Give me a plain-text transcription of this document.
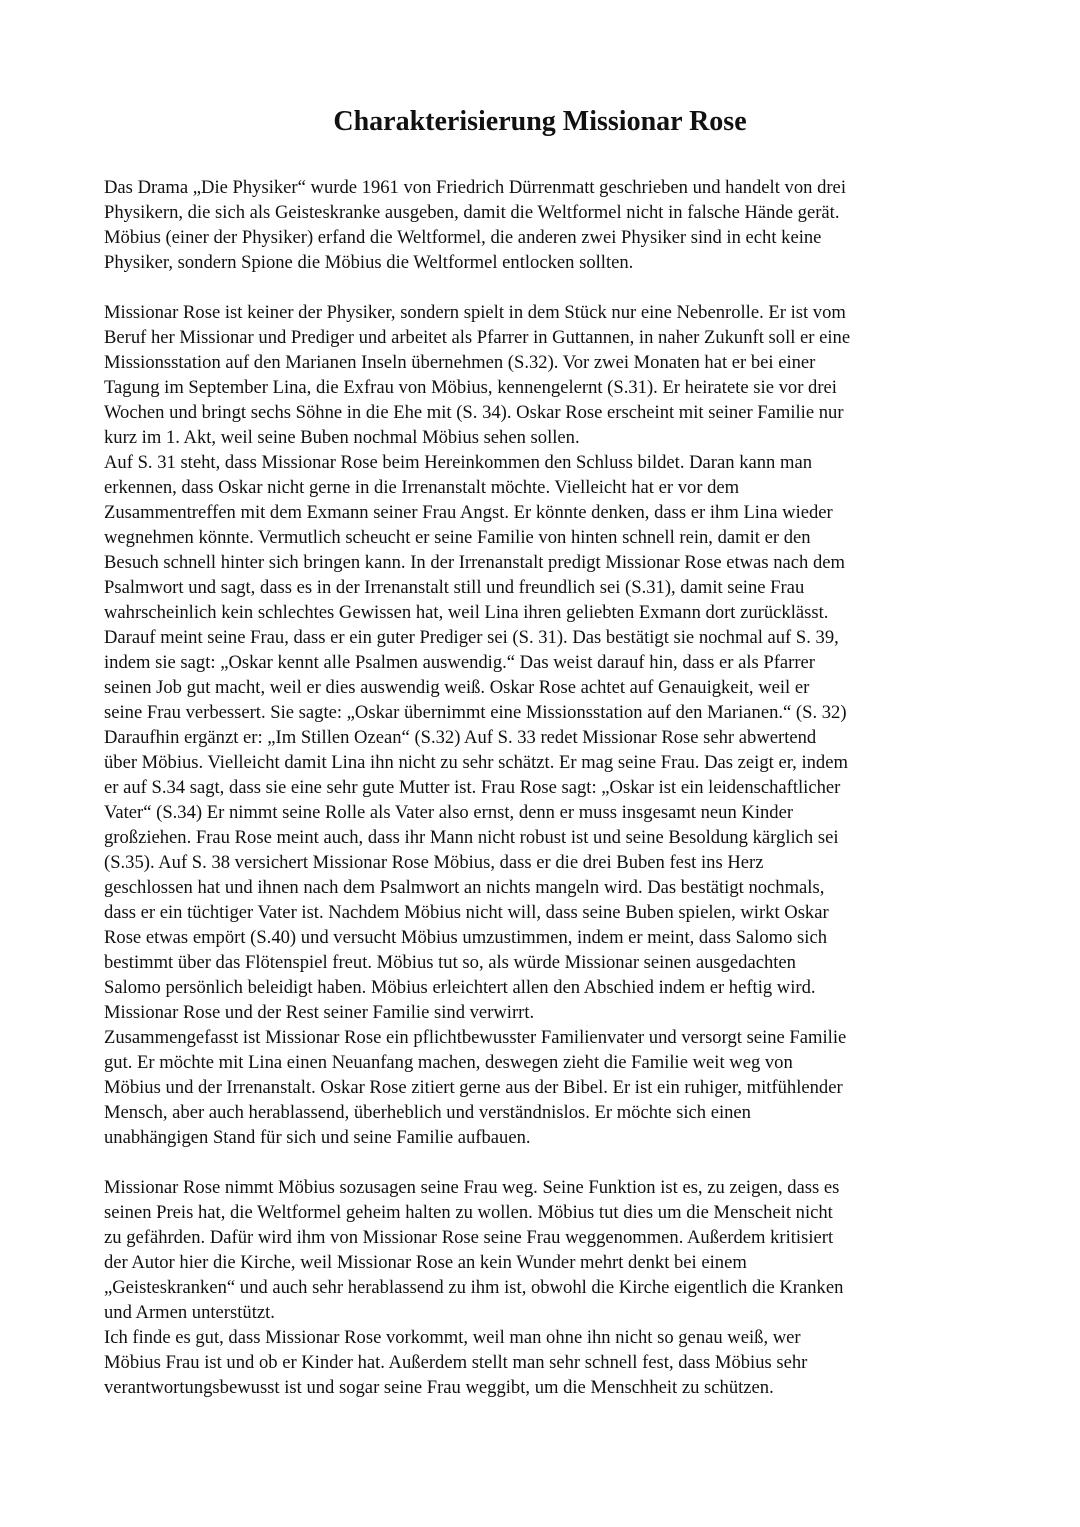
Charakterisierung Missionar Rose

Das Drama „Die Physiker“ wurde 1961 von Friedrich Dürrenmatt geschrieben und handelt von drei
Physikern, die sich als Geisteskranke ausgeben, damit die Weltformel nicht in falsche Hände gerät.
Möbius (einer der Physiker) erfand die Weltformel, die anderen zwei Physiker sind in echt keine
Physiker, sondern Spione die Möbius die Weltformel entlocken sollten.

Missionar Rose ist keiner der Physiker, sondern spielt in dem Stück nur eine Nebenrolle. Er ist vom
Beruf her Missionar und Prediger und arbeitet als Pfarrer in Guttannen, in naher Zukunft soll er eine
Missionsstation auf den Marianen Inseln übernehmen (S.32). Vor zwei Monaten hat er bei einer
Tagung im September Lina, die Exfrau von Möbius, kennengelernt (S.31). Er heiratete sie vor drei
Wochen und bringt sechs Söhne in die Ehe mit (S. 34). Oskar Rose erscheint mit seiner Familie nur
kurz im 1. Akt, weil seine Buben nochmal Möbius sehen sollen.

Auf S. 31 steht, dass Missionar Rose beim Hereinkommen den Schluss bildet. Daran kann man
erkennen, dass Oskar nicht gerne in die Irrenanstalt möchte. Vielleicht hat er vor dem
Zusammentreffen mit dem Exmann seiner Frau Angst. Er könnte denken, dass er ihm Lina wieder
wegnehmen könnte. Vermutlich scheucht er seine Familie von hinten schnell rein, damit er den
Besuch schnell hinter sich bringen kann. In der Irrenanstalt predigt Missionar Rose etwas nach dem
Psalmwort und sagt, dass es in der Irrenanstalt still und freundlich sei (S.31), damit seine Frau
wahrscheinlich kein schlechtes Gewissen hat, weil Lina ihren geliebten Exmann dort zurücklässt.
Darauf meint seine Frau, dass er ein guter Prediger sei (S. 31). Das bestätigt sie nochmal auf S. 39,
indem sie sagt: „Oskar kennt alle Psalmen auswendig.“ Das weist darauf hin, dass er als Pfarrer
seinen Job gut macht, weil er dies auswendig weiß. Oskar Rose achtet auf Genauigkeit, weil er
seine Frau verbessert. Sie sagte: „Oskar übernimmt eine Missionsstation auf den Marianen.“ (S. 32)
Daraufhin ergänzt er: „Im Stillen Ozean“ (S.32) Auf S. 33 redet Missionar Rose sehr abwertend
über Möbius. Vielleicht damit Lina ihn nicht zu sehr schätzt. Er mag seine Frau. Das zeigt er, indem
er auf S.34 sagt, dass sie eine sehr gute Mutter ist. Frau Rose sagt: „Oskar ist ein leidenschaftlicher
Vater“ (S.34) Er nimmt seine Rolle als Vater also ernst, denn er muss insgesamt neun Kinder
großziehen. Frau Rose meint auch, dass ihr Mann nicht robust ist und seine Besoldung kärglich sei
(S.35). Auf S. 38 versichert Missionar Rose Möbius, dass er die drei Buben fest ins Herz
geschlossen hat und ihnen nach dem Psalmwort an nichts mangeln wird. Das bestätigt nochmals,
dass er ein tüchtiger Vater ist. Nachdem Möbius nicht will, dass seine Buben spielen, wirkt Oskar
Rose etwas empört (S.40) und versucht Möbius umzustimmen, indem er meint, dass Salomo sich
bestimmt über das Flötenspiel freut. Möbius tut so, als würde Missionar seinen ausgedachten
Salomo persönlich beleidigt haben. Möbius erleichtert allen den Abschied indem er heftig wird.
Missionar Rose und der Rest seiner Familie sind verwirrt.

Zusammengefasst ist Missionar Rose ein pflichtbewusster Familienvater und versorgt seine Familie
gut. Er möchte mit Lina einen Neuanfang machen, deswegen zieht die Familie weit weg von
Möbius und der Irrenanstalt. Oskar Rose zitiert gerne aus der Bibel. Er ist ein ruhiger, mitfühlender
Mensch, aber auch herablassend, überheblich und verständnislos. Er möchte sich einen
unabhängigen Stand für sich und seine Familie aufbauen.

Missionar Rose nimmt Möbius sozusagen seine Frau weg. Seine Funktion ist es, zu zeigen, dass es
seinen Preis hat, die Weltformel geheim halten zu wollen. Möbius tut dies um die Menscheit nicht
zu gefährden. Dafür wird ihm von Missionar Rose seine Frau weggenommen. Außerdem kritisiert
der Autor hier die Kirche, weil Missionar Rose an kein Wunder mehrt denkt bei einem
„Geisteskranken“ und auch sehr herablassend zu ihm ist, obwohl die Kirche eigentlich die Kranken
und Armen unterstützt.

Ich finde es gut, dass Missionar Rose vorkommt, weil man ohne ihn nicht so genau weiß, wer
Möbius Frau ist und ob er Kinder hat. Außerdem stellt man sehr schnell fest, dass Möbius sehr
verantwortungsbewusst ist und sogar seine Frau weggibt, um die Menschheit zu schützen.
